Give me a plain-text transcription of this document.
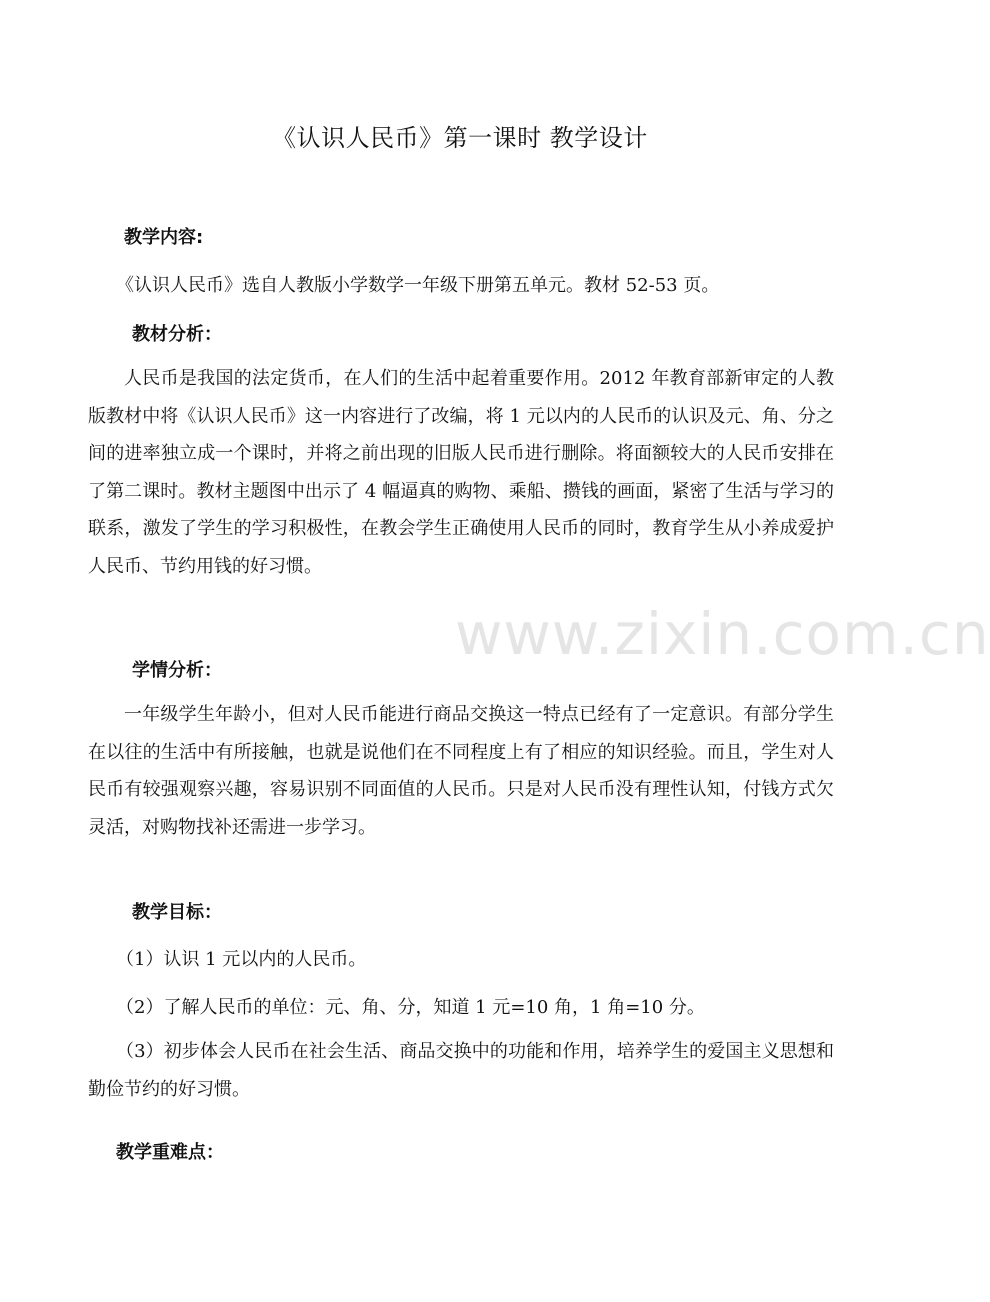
《认识人民币》第一课时 教学设计
教学内容:
《认识人民币》选自人教版小学数学一年级下册第五单元。教材 52-53 页。
教材分析：
人民币是我国的法定货币，在人们的生活中起着重要作用。2012 年教育部新审定的人教版教材中将《认识人民币》这一内容进行了改编，将 1 元以内的人民币的认识及元、角、分之间的进率独立成一个课时，并将之前出现的旧版人民币进行删除。将面额较大的人民币安排在了第二课时。教材主题图中出示了 4 幅逼真的购物、乘船、攒钱的画面，紧密了生活与学习的联系，激发了学生的学习积极性，在教会学生正确使用人民币的同时，教育学生从小养成爱护人民币、节约用钱的好习惯。
学情分析：
一年级学生年龄小，但对人民币能进行商品交换这一特点已经有了一定意识。有部分学生在以往的生活中有所接触，也就是说他们在不同程度上有了相应的知识经验。而且，学生对人民币有较强观察兴趣，容易识别不同面值的人民币。只是对人民币没有理性认知，付钱方式欠灵活，对购物找补还需进一步学习。
教学目标：
（1）认识 1 元以内的人民币。
（2）了解人民币的单位：元、角、分，知道 1 元=10 角，1 角=10 分。
（3）初步体会人民币在社会生活、商品交换中的功能和作用，培养学生的爱国主义思想和勤俭节约的好习惯。
教学重难点：
www.zixin.com.cn
